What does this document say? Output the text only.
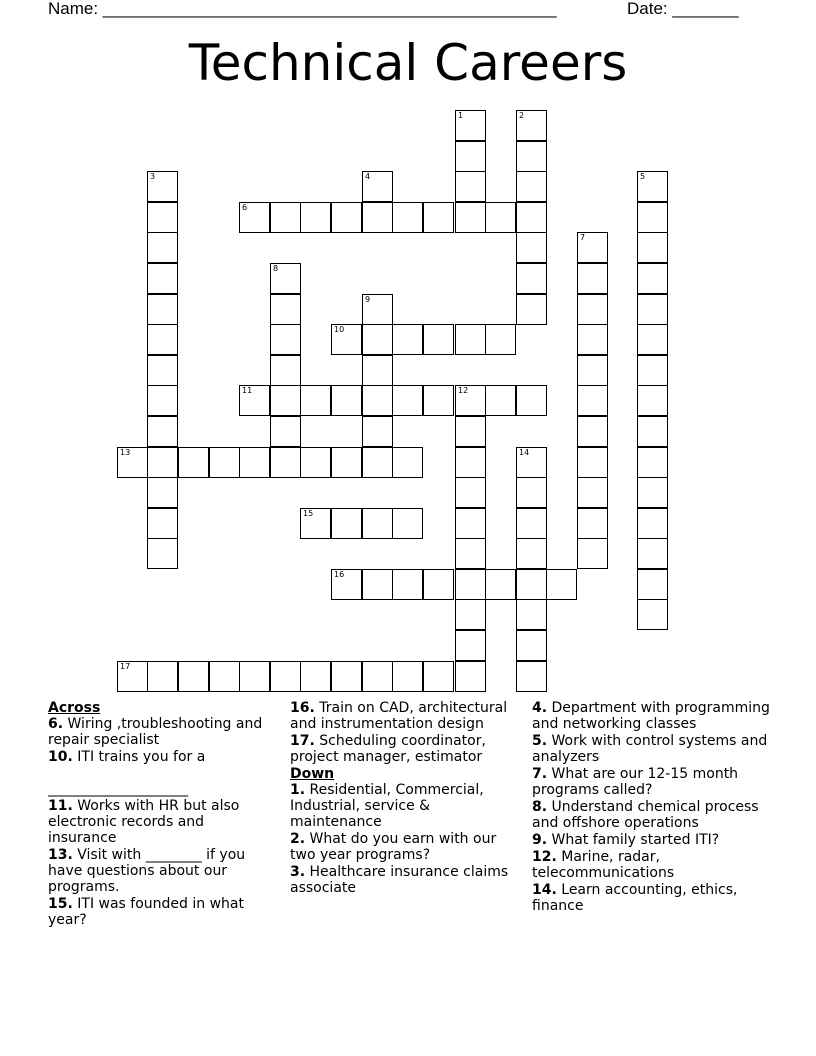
Name: ________________________________________________	Date: _______
Technical Careers
1	2
3	4	5
6
7
8
9
10
11	12
13	14
15
16
17

Across

6. Wiring ,troubleshooting and repair specialist

10. ITI trains you for a

____________________

11. Works with HR but also electronic records and insurance

13. Visit with ________ if you have questions about our programs.

15. ITI was founded in what year?

16. Train on CAD, architectural and instrumentation design

17. Scheduling coordinator, project manager, estimator

Down

1. Residential, Commercial, Industrial, service & maintenance

2. What do you earn with our two year programs?

3. Healthcare insurance claims associate

4. Department with programming and networking classes

5. Work with control systems and analyzers

7. What are our 12-15 month programs called?

8. Understand chemical process and offshore operations

9. What family started ITI?

12. Marine, radar, telecommunications

14. Learn accounting, ethics, finance
